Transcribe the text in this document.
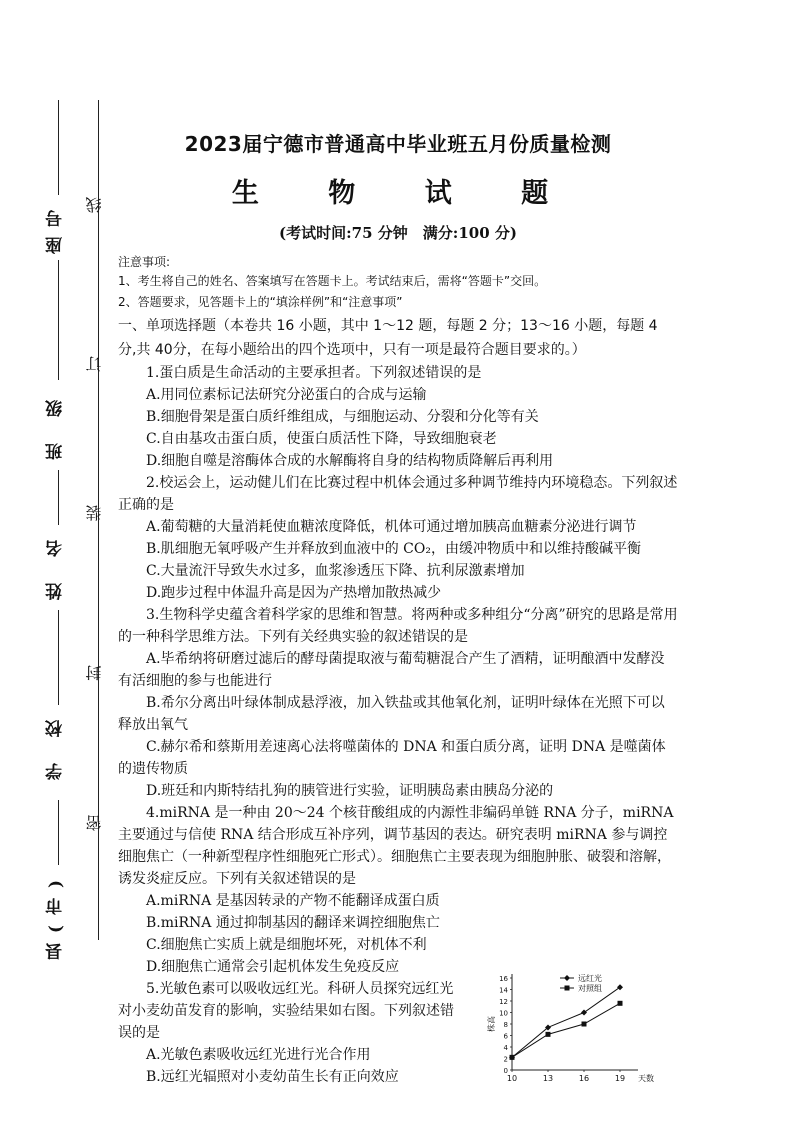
座号
班 级
姓 名
学 校
县(市)
线
订
装
封
密
2023届宁德市普通高中毕业班五月份质量检测
生 物 试 题

(考试时间:75 分钟　满分:100 分)

注意事项:

1、考生将自己的姓名、答案填写在答题卡上。考试结束后，需将“答题卡”交回。

2、答题要求，见答题卡上的“填涂样例”和“注意事项”

一、单项选择题（本卷共 16 小题，其中 1～12 题，每题 2 分；13～16 小题，每题 4 分,共 40分，在每小题给出的四个选项中，只有一项是最符合题目要求的。）

1.蛋白质是生命活动的主要承担者。下列叙述错误的是

A.用同位素标记法研究分泌蛋白的合成与运输

B.细胞骨架是蛋白质纤维组成，与细胞运动、分裂和分化等有关

C.自由基攻击蛋白质，使蛋白质活性下降，导致细胞衰老

D.细胞自噬是溶酶体合成的水解酶将自身的结构物质降解后再利用

2.校运会上，运动健儿们在比赛过程中机体会通过多种调节维持内环境稳态。下列叙述正确的是

A.葡萄糖的大量消耗使血糖浓度降低，机体可通过增加胰高血糖素分泌进行调节

B.肌细胞无氧呼吸产生并释放到血液中的 CO₂，由缓冲物质中和以维持酸碱平衡

C.大量流汗导致失水过多，血浆渗透压下降、抗利尿激素增加

D.跑步过程中体温升高是因为产热增加散热减少

3.生物科学史蕴含着科学家的思维和智慧。将两种或多种组分“分离”研究的思路是常用的一种科学思维方法。下列有关经典实验的叙述错误的是

A.毕希纳将研磨过滤后的酵母菌提取液与葡萄糖混合产生了酒精，证明酿酒中发酵没有活细胞的参与也能进行

B.希尔分离出叶绿体制成悬浮液，加入铁盐或其他氧化剂，证明叶绿体在光照下可以释放出氧气

C.赫尔希和蔡斯用差速离心法将噬菌体的 DNA 和蛋白质分离，证明 DNA 是噬菌体的遗传物质

D.班廷和内斯特结扎狗的胰管进行实验，证明胰岛素由胰岛分泌的

4.miRNA 是一种由 20～24 个核苷酸组成的内源性非编码单链 RNA 分子，miRNA 主要通过与信使 RNA 结合形成互补序列，调节基因的表达。研究表明 miRNA 参与调控细胞焦亡（一种新型程序性细胞死亡形式）。细胞焦亡主要表现为细胞肿胀、破裂和溶解，诱发炎症反应。下列有关叙述错误的是

A.miRNA 是基因转录的产物不能翻译成蛋白质

B.miRNA 通过抑制基因的翻译来调控细胞焦亡

C.细胞焦亡实质上就是细胞坏死，对机体不利

D.细胞焦亡通常会引起机体发生免疫反应

5.光敏色素可以吸收远红光。科研人员探究远红光对小麦幼苗发育的影响，实验结果如右图。下列叙述错误的是

A.光敏色素吸收远红光进行光合作用

B.远红光辐照对小麦幼苗生长有正向效应	0
2
4
6
8
10
12
14
16
10	13	16	19 天数
株高
远红光
对照组
